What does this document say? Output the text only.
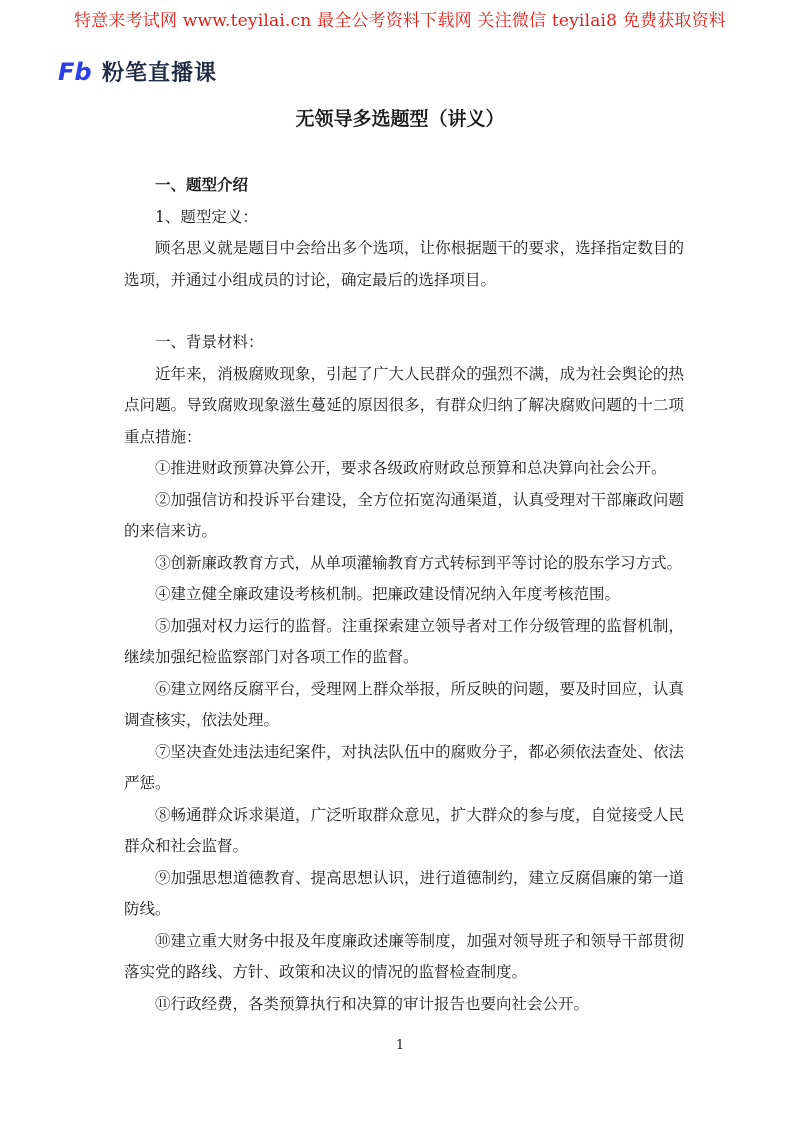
特意来考试网 www.teyilai.cn 最全公考资料下载网 关注微信 teyilai8 免费获取资料
Fb 粉笔直播课
无领导多选题型（讲义）

一、题型介绍

1、题型定义：

顾名思义就是题目中会给出多个选项，让你根据题干的要求，选择指定数目的选项，并通过小组成员的讨论，确定最后的选择项目。

一、背景材料：

近年来，消极腐败现象，引起了广大人民群众的强烈不满，成为社会舆论的热点问题。导致腐败现象滋生蔓延的原因很多，有群众归纳了解决腐败问题的十二项重点措施：

①推进财政预算决算公开，要求各级政府财政总预算和总决算向社会公开。

②加强信访和投诉平台建设，全方位拓宽沟通渠道，认真受理对干部廉政问题的来信来访。

③创新廉政教育方式，从单项灌输教育方式转标到平等讨论的股东学习方式。

④建立健全廉政建设考核机制。把廉政建设情况纳入年度考核范围。

⑤加强对权力运行的监督。注重探索建立领导者对工作分级管理的监督机制，继续加强纪检监察部门对各项工作的监督。

⑥建立网络反腐平台，受理网上群众举报，所反映的问题，要及时回应，认真调查核实，依法处理。

⑦坚决查处违法违纪案件，对执法队伍中的腐败分子，都必须依法查处、依法严惩。

⑧畅通群众诉求渠道，广泛听取群众意见，扩大群众的参与度，自觉接受人民群众和社会监督。

⑨加强思想道德教育、提高思想认识，进行道德制约，建立反腐倡廉的第一道防线。

⑩建立重大财务中报及年度廉政述廉等制度，加强对领导班子和领导干部贯彻落实党的路线、方针、政策和决议的情况的监督检查制度。

⑪行政经费，各类预算执行和决算的审计报告也要向社会公开。

1
